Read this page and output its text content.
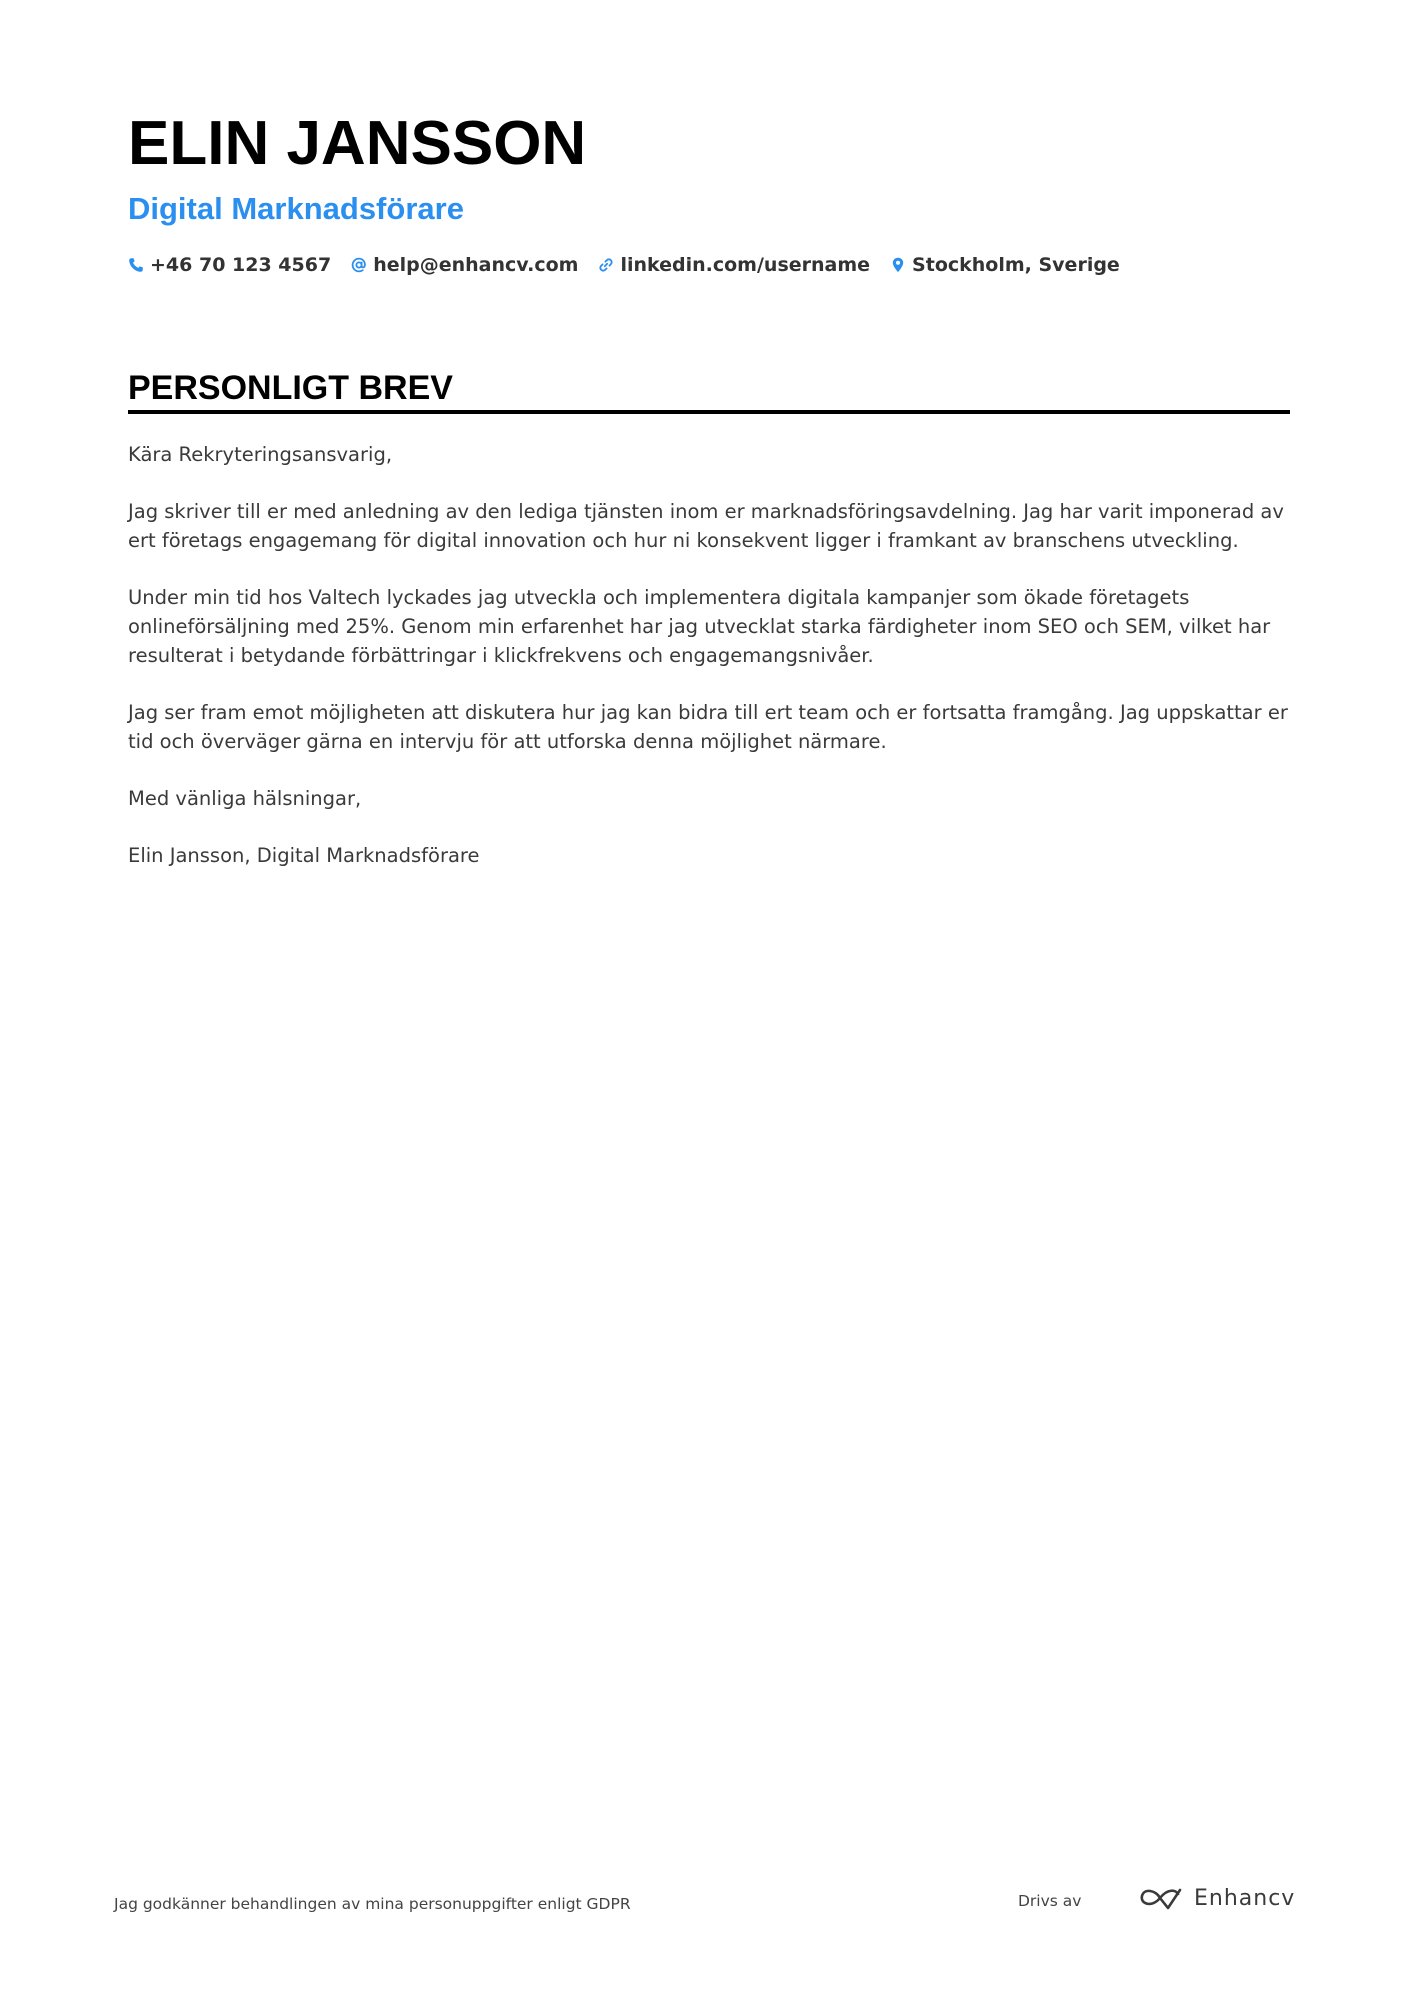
ELIN JANSSON
Digital Marknadsförare
+46 70 123 4567 help@enhancv.com linkedin.com/username Stockholm, Sverige
PERSONLIGT BREV

Kära Rekryteringsansvarig,

Jag skriver till er med anledning av den lediga tjänsten inom er marknadsföringsavdelning. Jag har varit imponerad av ert företags engagemang för digital innovation och hur ni konsekvent ligger i framkant av branschens utveckling.

Under min tid hos Valtech lyckades jag utveckla och implementera digitala kampanjer som ökade företagets onlineförsäljning med 25%. Genom min erfarenhet har jag utvecklat starka färdigheter inom SEO och SEM, vilket har resulterat i betydande förbättringar i klickfrekvens och engagemangsnivåer.

Jag ser fram emot möjligheten att diskutera hur jag kan bidra till ert team och er fortsatta framgång. Jag uppskattar er tid och överväger gärna en intervju för att utforska denna möjlighet närmare.

Med vänliga hälsningar,

Elin Jansson, Digital Marknadsförare

Jag godkänner behandlingen av mina personuppgifter enligt GDPR	Drivs av	Enhancv
